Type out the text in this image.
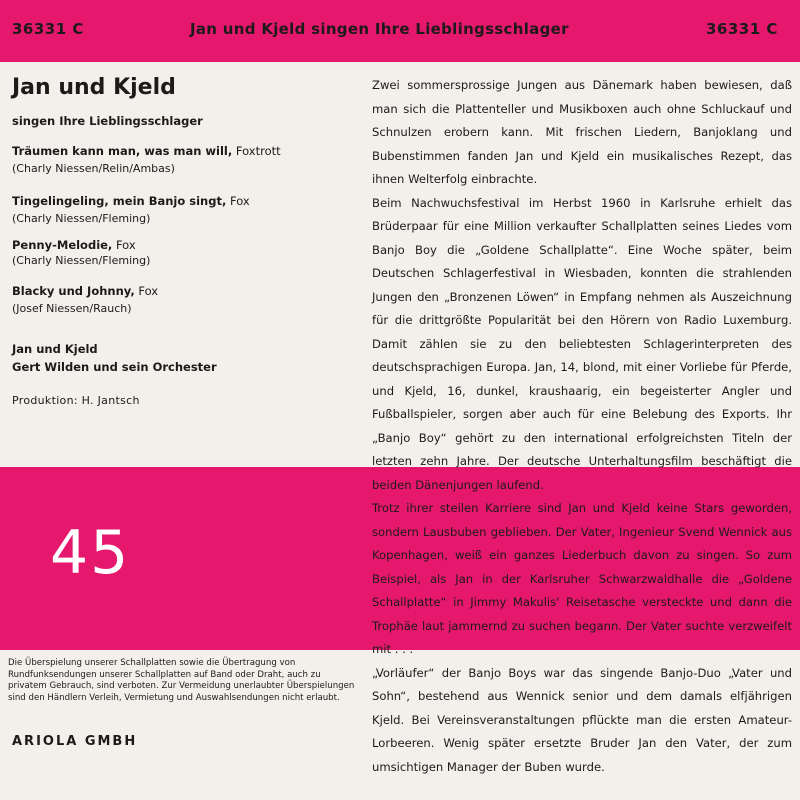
36331 C	Jan und Kjeld singen Ihre Lieblingsschlager	36331 C
Jan und Kjeld
singen Ihre Lieblingsschlager
Träumen kann man, was man will, Foxtrott
(Charly Niessen/Relin/Ambas)
Tingelingeling, mein Banjo singt, Fox
(Charly Niessen/Fleming)
Penny-Melodie, Fox
(Charly Niessen/Fleming)
Blacky und Johnny, Fox
(Josef Niessen/Rauch)
Jan und Kjeld
Gert Wilden und sein Orchester
Produktion: H. Jantsch
45
Die Überspielung unserer Schallplatten sowie die Übertragung von Rundfunksendungen unserer Schallplatten auf Band oder Draht, auch zu privatem Gebrauch, sind verboten. Zur Vermeidung unerlaubter Überspielungen sind den Händlern Verleih, Vermietung und Auswahlsendungen nicht erlaubt.
ARIOLA GMBH

Zwei sommersprossige Jungen aus Dänemark haben bewiesen, daß man sich die Plattenteller und Musikboxen auch ohne Schluckauf und Schnulzen erobern kann. Mit frischen Liedern, Banjoklang und Bubenstimmen fanden Jan und Kjeld ein musikalisches Rezept, das ihnen Welterfolg einbrachte.

Beim Nachwuchsfestival im Herbst 1960 in Karlsruhe erhielt das Brüderpaar für eine Million verkaufter Schallplatten seines Liedes vom Banjo Boy die „Goldene Schallplatte“. Eine Woche später, beim Deutschen Schlagerfestival in Wiesbaden, konnten die strahlenden Jungen den „Bronzenen Löwen“ in Empfang nehmen als Auszeichnung für die drittgrößte Popularität bei den Hörern von Radio Luxemburg. Damit zählen sie zu den beliebtesten Schlagerinterpreten des deutschsprachigen Europa. Jan, 14, blond, mit einer Vorliebe für Pferde, und Kjeld, 16, dunkel, kraushaarig, ein begeisterter Angler und Fußballspieler, sorgen aber auch für eine Belebung des Exports. Ihr „Banjo Boy“ gehört zu den international erfolgreichsten Titeln der letzten zehn Jahre. Der deutsche Unterhaltungsfilm beschäftigt die beiden Dänenjungen laufend.

Trotz ihrer steilen Karriere sind Jan und Kjeld keine Stars geworden, sondern Lausbuben geblieben. Der Vater, Ingenieur Svend Wennick aus Kopenhagen, weiß ein ganzes Liederbuch davon zu singen. So zum Beispiel, als Jan in der Karlsruher Schwarzwaldhalle die „Goldene Schallplatte“ in Jimmy Makulis' Reisetasche versteckte und dann die Trophäe laut jammernd zu suchen begann. Der Vater suchte verzweifelt mit . . .

„Vorläufer“ der Banjo Boys war das singende Banjo-Duo „Vater und Sohn“, bestehend aus Wennick senior und dem damals elfjährigen Kjeld. Bei Vereinsveranstaltungen pflückte man die ersten Amateur-Lorbeeren. Wenig später ersetzte Bruder Jan den Vater, der zum umsichtigen Manager der Buben wurde.
